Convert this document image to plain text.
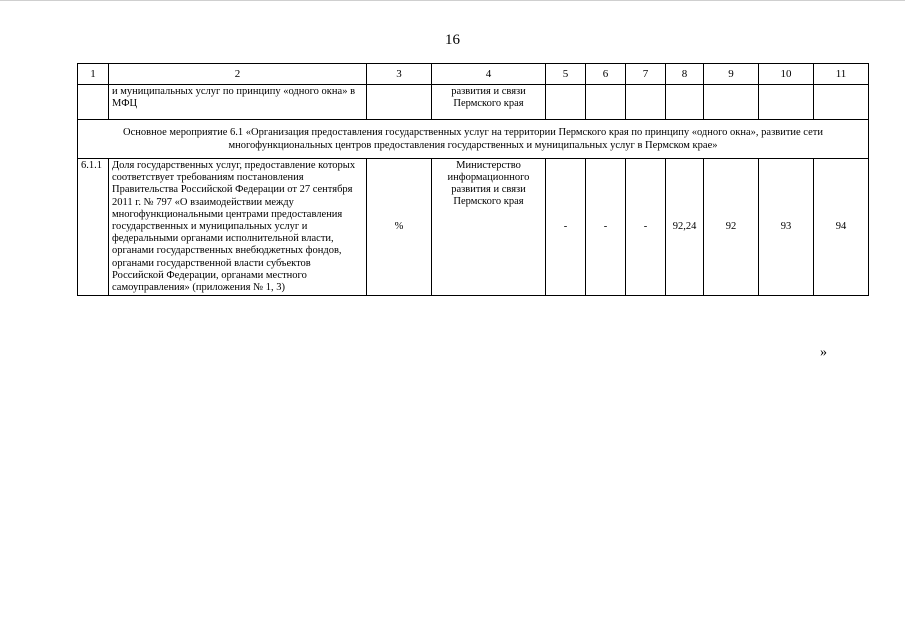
16
1	2	3	4	5	6	7	8	9	10	11
	и муниципальных услуг по принципу «одного окна» в МФЦ		развития и связи Пермского края							
Основное мероприятие 6.1 «Организация предоставления государственных услуг на территории Пермского края по принципу «одного окна», развитие сети многофункциональных центров предоставления государственных и муниципальных услуг в Пермском крае»										
6.1.1	Доля государственных услуг, предоставление которых соответствует требованиям постановления Правительства Российской Федерации от 27 сентября 2011 г. № 797 «О взаимодействии между многофункциональными центрами предоставления государственных и муниципальных услуг и федеральными органами исполнительной власти, органами государственных внебюджетных фондов, органами государственной власти субъектов Российской Федерации, органами местного самоуправления» (приложения № 1, 3)	%	Министерство информационного развития и связи Пермского края	-	-	-	92,24	92	93	94
»
